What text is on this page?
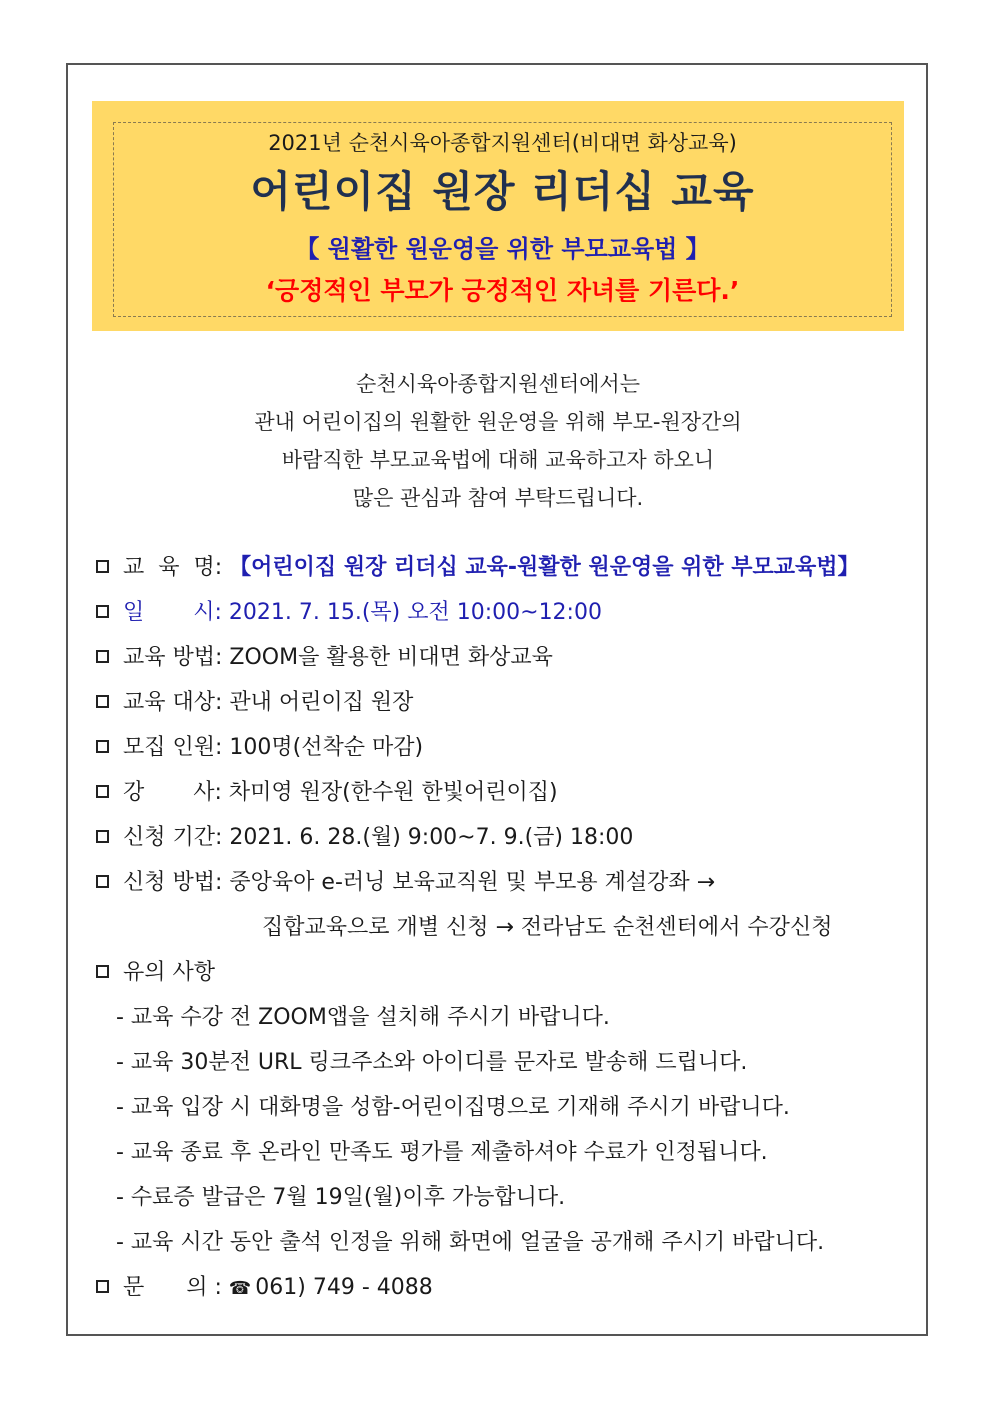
2021년 순천시육아종합지원센터(비대면 화상교육)
어린이집 원장 리더십 교육
【 원활한 원운영을 위한 부모교육법 】
‘긍정적인 부모가 긍정적인 자녀를 기른다.’
순천시육아종합지원센터에서는
관내 어린이집의 원활한 원운영을 위해 부모-원장간의
바람직한 부모교육법에 대해 교육하고자 하오니
많은 관심과 참여 부탁드립니다.
교  육  명: 【어린이집 원장 리더십 교육-원활한 원운영을 위한 부모교육법】
일       시: 2021. 7. 15.(목) 오전 10:00~12:00
교육 방법: ZOOM을 활용한 비대면 화상교육
교육 대상: 관내 어린이집 원장
모집 인원: 100명(선착순 마감)
강       사: 차미영 원장(한수원 한빛어린이집)
신청 기간: 2021. 6. 28.(월) 9:00~7. 9.(금) 18:00
신청 방법: 중앙육아 e-러닝 보육교직원 및 부모용 계설강좌 →
집합교육으로 개별 신청 → 전라남도 순천센터에서 수강신청
유의 사항
- 교육 수강 전 ZOOM앱을 설치해 주시기 바랍니다.
- 교육 30분전 URL 링크주소와 아이디를 문자로 발송해 드립니다.
- 교육 입장 시 대화명을 성함-어린이집명으로 기재해 주시기 바랍니다.
- 교육 종료 후 온라인 만족도 평가를 제출하셔야 수료가 인정됩니다.
- 수료증 발급은 7월 19일(월)이후 가능합니다.
- 교육 시간 동안 출석 인정을 위해 화면에 얼굴을 공개해 주시기 바랍니다.
문      의 : ☎ 061) 749 - 4088
